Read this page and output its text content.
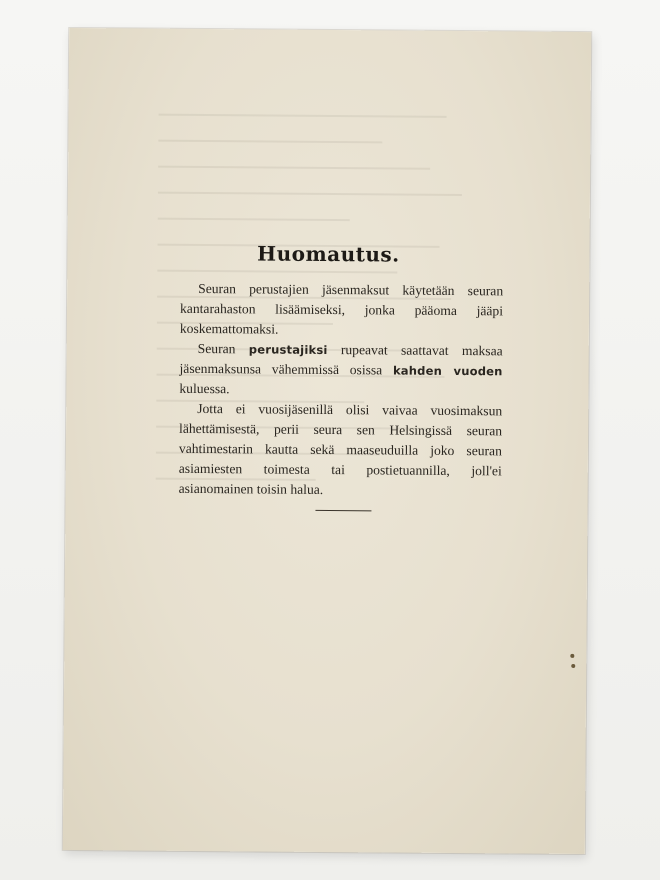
Huomautus.

Seuran perustajien jäsenmaksut käytetään seuran kantarahaston lisäämiseksi, jonka pääoma jääpi koskemattomaksi.

Seuran perustajiksi rupeavat saattavat maksaa jäsenmaksunsa vähemmissä osissa kahden vuoden kuluessa.

Jotta ei vuosijäsenillä olisi vaivaa vuosimaksun lähettämisestä, perii seura sen Helsingissä seuran vahtimestarin kautta sekä maaseuduilla joko seuran asiamiesten toimesta tai postietuannilla, joll'ei asianomainen toisin halua.
